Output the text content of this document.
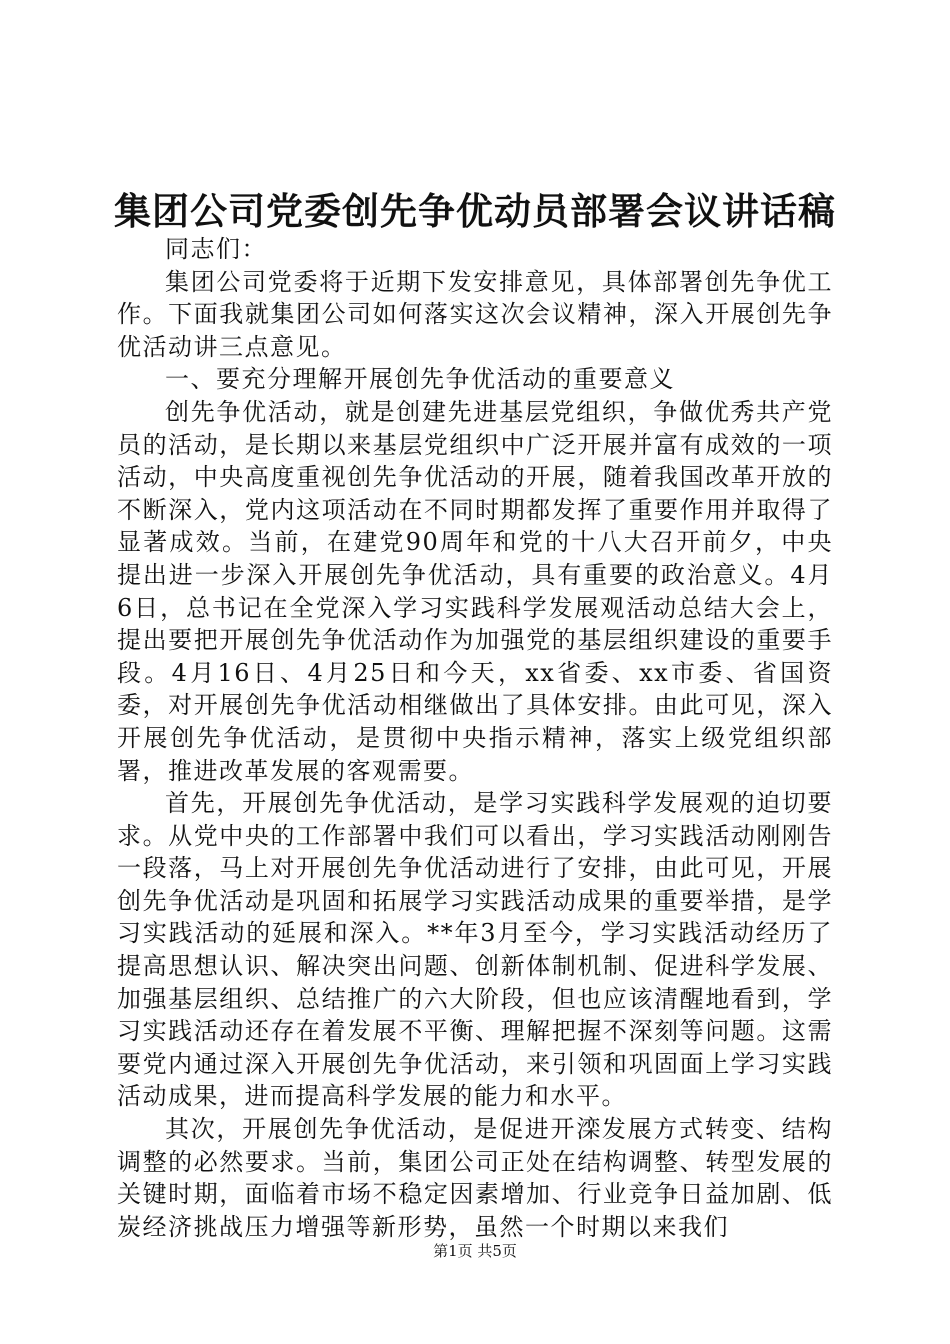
集团公司党委创先争优动员部署会议讲话稿

同志们：

集团公司党委将于近期下发安排意见，具体部署创先争优工作。下面我就集团公司如何落实这次会议精神，深入开展创先争优活动讲三点意见。

一、要充分理解开展创先争优活动的重要意义

创先争优活动，就是创建先进基层党组织，争做优秀共产党员的活动，是长期以来基层党组织中广泛开展并富有成效的一项活动，中央高度重视创先争优活动的开展，随着我国改革开放的不断深入，党内这项活动在不同时期都发挥了重要作用并取得了显著成效。当前，在建党90周年和党的十八大召开前夕，中央提出进一步深入开展创先争优活动，具有重要的政治意义。4月6日，总书记在全党深入学习实践科学发展观活动总结大会上，提出要把开展创先争优活动作为加强党的基层组织建设的重要手段。4月16日、4月25日和今天，xx省委、xx市委、省国资委，对开展创先争优活动相继做出了具体安排。由此可见，深入开展创先争优活动，是贯彻中央指示精神，落实上级党组织部署，推进改革发展的客观需要。

首先，开展创先争优活动，是学习实践科学发展观的迫切要求。从党中央的工作部署中我们可以看出，学习实践活动刚刚告一段落，马上对开展创先争优活动进行了安排，由此可见，开展创先争优活动是巩固和拓展学习实践活动成果的重要举措，是学习实践活动的延展和深入。**年3月至今，学习实践活动经历了提高思想认识、解决突出问题、创新体制机制、促进科学发展、加强基层组织、总结推广的六大阶段，但也应该清醒地看到，学习实践活动还存在着发展不平衡、理解把握不深刻等问题。这需要党内通过深入开展创先争优活动，来引领和巩固面上学习实践活动成果，进而提高科学发展的能力和水平。

其次，开展创先争优活动，是促进开滦发展方式转变、结构调整的必然要求。当前，集团公司正处在结构调整、转型发展的关键时期，面临着市场不稳定因素增加、行业竞争日益加剧、低炭经济挑战压力增强等新形势，虽然一个时期以来我们

第1页 共5页
